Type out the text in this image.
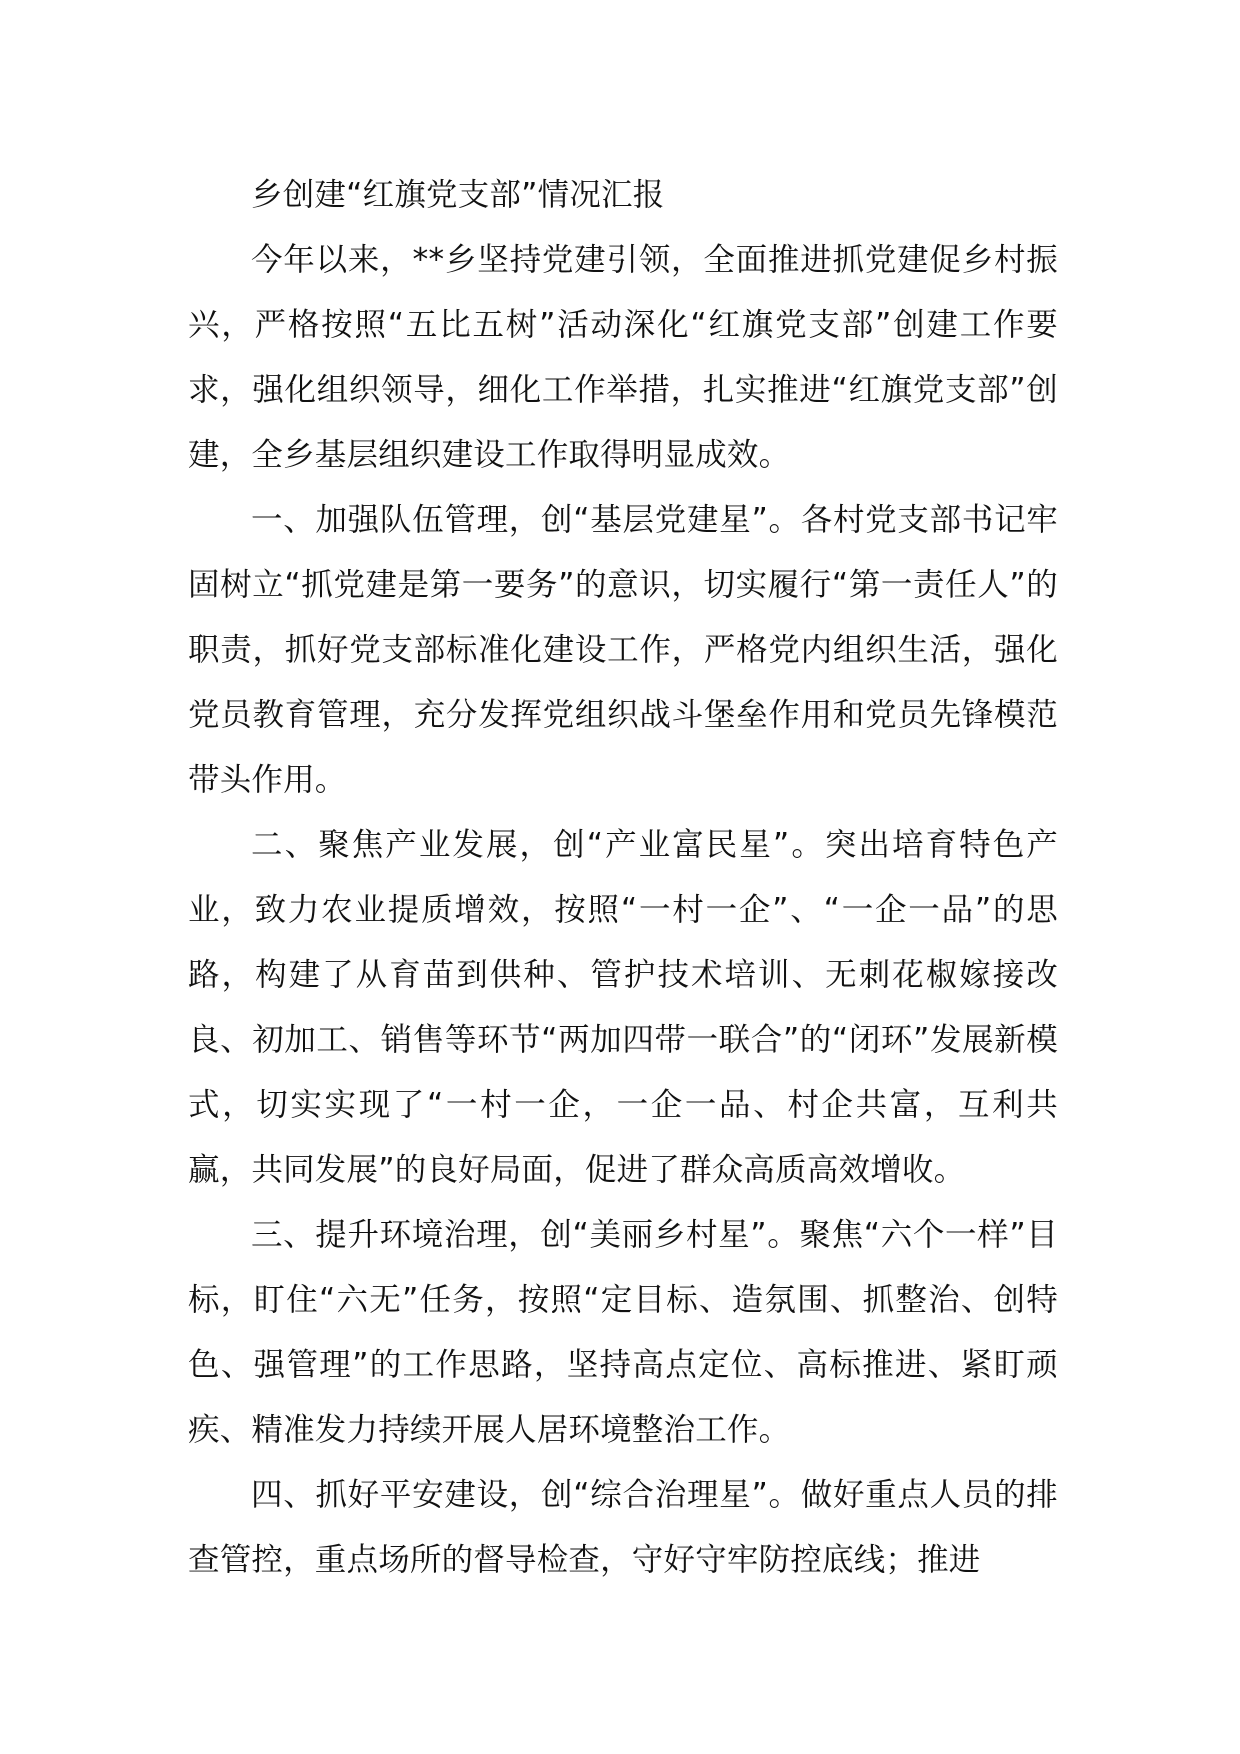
乡创建“红旗党支部”情况汇报

今年以来，**乡坚持党建引领，全面推进抓党建促乡村振兴，严格按照“五比五树”活动深化“红旗党支部”创建工作要求，强化组织领导，细化工作举措，扎实推进“红旗党支部”创建，全乡基层组织建设工作取得明显成效。

一、加强队伍管理，创“基层党建星”。各村党支部书记牢固树立“抓党建是第一要务”的意识，切实履行“第一责任人”的职责，抓好党支部标准化建设工作，严格党内组织生活，强化党员教育管理，充分发挥党组织战斗堡垒作用和党员先锋模范带头作用。

二、聚焦产业发展，创“产业富民星”。突出培育特色产业，致力农业提质增效，按照“一村一企”、“一企一品”的思路，构建了从育苗到供种、管护技术培训、无刺花椒嫁接改良、初加工、销售等环节“两加四带一联合”的“闭环”发展新模式，切实实现了“一村一企，一企一品、村企共富，互利共赢，共同发展”的良好局面，促进了群众高质高效增收。

三、提升环境治理，创“美丽乡村星”。聚焦“六个一样”目标，盯住“六无”任务，按照“定目标、造氛围、抓整治、创特色、强管理”的工作思路，坚持高点定位、高标推进、紧盯顽疾、精准发力持续开展人居环境整治工作。

四、抓好平安建设，创“综合治理星”。做好重点人员的排查管控，重点场所的督导检查，守好守牢防控底线；推进
